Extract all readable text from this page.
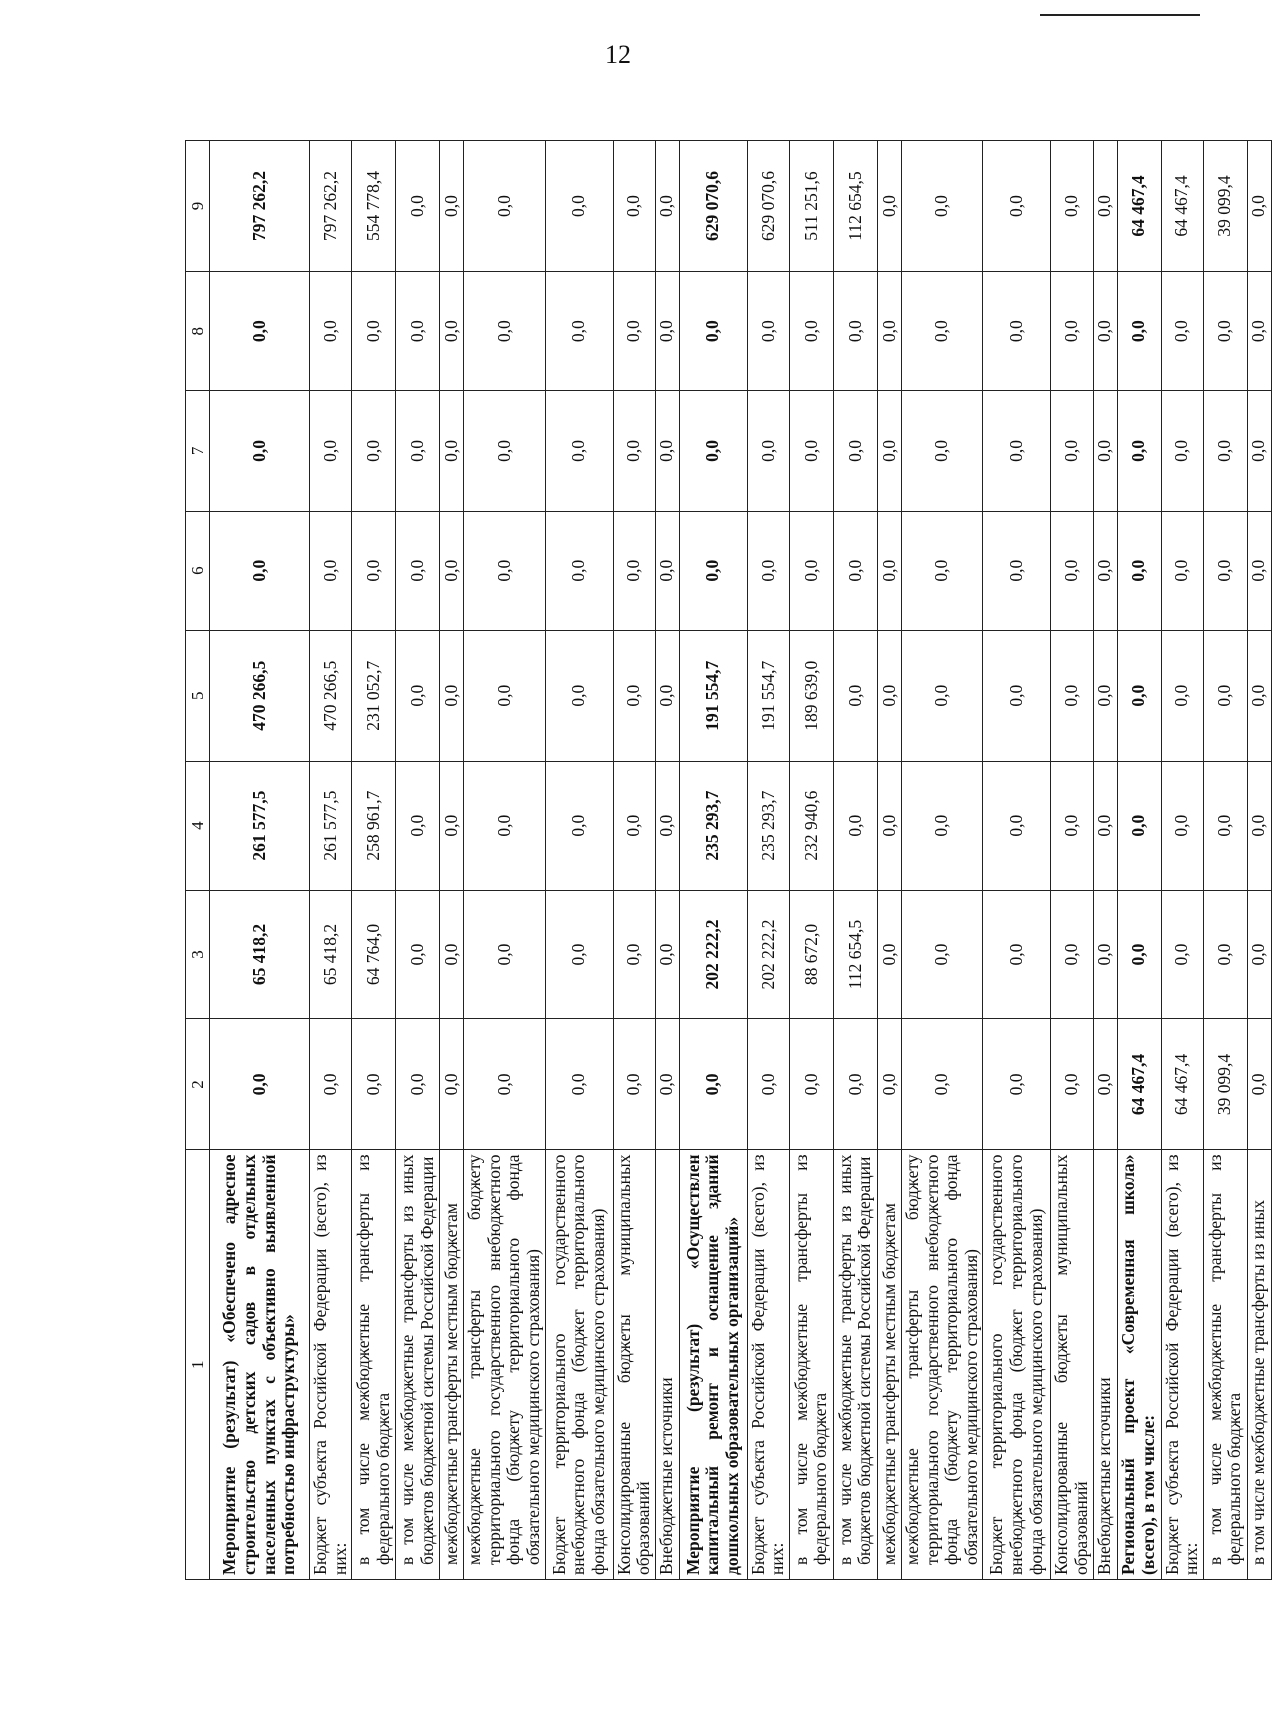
12
1	2	3	4	5	6	7	8	9
Мероприятие (результат) «Обеспечено адресное строительство детских садов в отдельных населенных пунктах с объективно выявленной потребностью инфраструктуры»	0,0	65 418,2	261 577,5	470 266,5	0,0	0,0	0,0	797 262,2
Бюджет субъекта Российской Федерации (всего), из них:	0,0	65 418,2	261 577,5	470 266,5	0,0	0,0	0,0	797 262,2
в том числе межбюджетные трансферты из федерального бюджета	0,0	64 764,0	258 961,7	231 052,7	0,0	0,0	0,0	554 778,4
в том числе межбюджетные трансферты из иных бюджетов бюджетной системы Российской Федерации	0,0	0,0	0,0	0,0	0,0	0,0	0,0	0,0
межбюджетные трансферты местным бюджетам	0,0	0,0	0,0	0,0	0,0	0,0	0,0	0,0
межбюджетные трансферты бюджету территориального государственного внебюджетного фонда (бюджету территориального фонда обязательного медицинского страхования)	0,0	0,0	0,0	0,0	0,0	0,0	0,0	0,0
Бюджет территориального государственного внебюджетного фонда (бюджет территориального фонда обязательного медицинского страхования)	0,0	0,0	0,0	0,0	0,0	0,0	0,0	0,0
Консолидированные бюджеты муниципальных образований	0,0	0,0	0,0	0,0	0,0	0,0	0,0	0,0
Внебюджетные источники	0,0	0,0	0,0	0,0	0,0	0,0	0,0	0,0
Мероприятие (результат) «Осуществлен капитальный ремонт и оснащение зданий дошкольных образовательных организаций»	0,0	202 222,2	235 293,7	191 554,7	0,0	0,0	0,0	629 070,6
Бюджет субъекта Российской Федерации (всего), из них:	0,0	202 222,2	235 293,7	191 554,7	0,0	0,0	0,0	629 070,6
в том числе межбюджетные трансферты из федерального бюджета	0,0	88 672,0	232 940,6	189 639,0	0,0	0,0	0,0	511 251,6
в том числе межбюджетные трансферты из иных бюджетов бюджетной системы Российской Федерации	0,0	112 654,5	0,0	0,0	0,0	0,0	0,0	112 654,5
межбюджетные трансферты местным бюджетам	0,0	0,0	0,0	0,0	0,0	0,0	0,0	0,0
межбюджетные трансферты бюджету территориального государственного внебюджетного фонда (бюджету территориального фонда обязательного медицинского страхования)	0,0	0,0	0,0	0,0	0,0	0,0	0,0	0,0
Бюджет территориального государственного внебюджетного фонда (бюджет территориального фонда обязательного медицинского страхования)	0,0	0,0	0,0	0,0	0,0	0,0	0,0	0,0
Консолидированные бюджеты муниципальных образований	0,0	0,0	0,0	0,0	0,0	0,0	0,0	0,0
Внебюджетные источники	0,0	0,0	0,0	0,0	0,0	0,0	0,0	0,0
Региональный проект «Современная школа» (всего), в том числе:	64 467,4	0,0	0,0	0,0	0,0	0,0	0,0	64 467,4
Бюджет субъекта Российской Федерации (всего), из них:	64 467,4	0,0	0,0	0,0	0,0	0,0	0,0	64 467,4
в том числе межбюджетные трансферты из федерального бюджета	39 099,4	0,0	0,0	0,0	0,0	0,0	0,0	39 099,4
в том числе межбюджетные трансферты из иных	0,0	0,0	0,0	0,0	0,0	0,0	0,0	0,0
